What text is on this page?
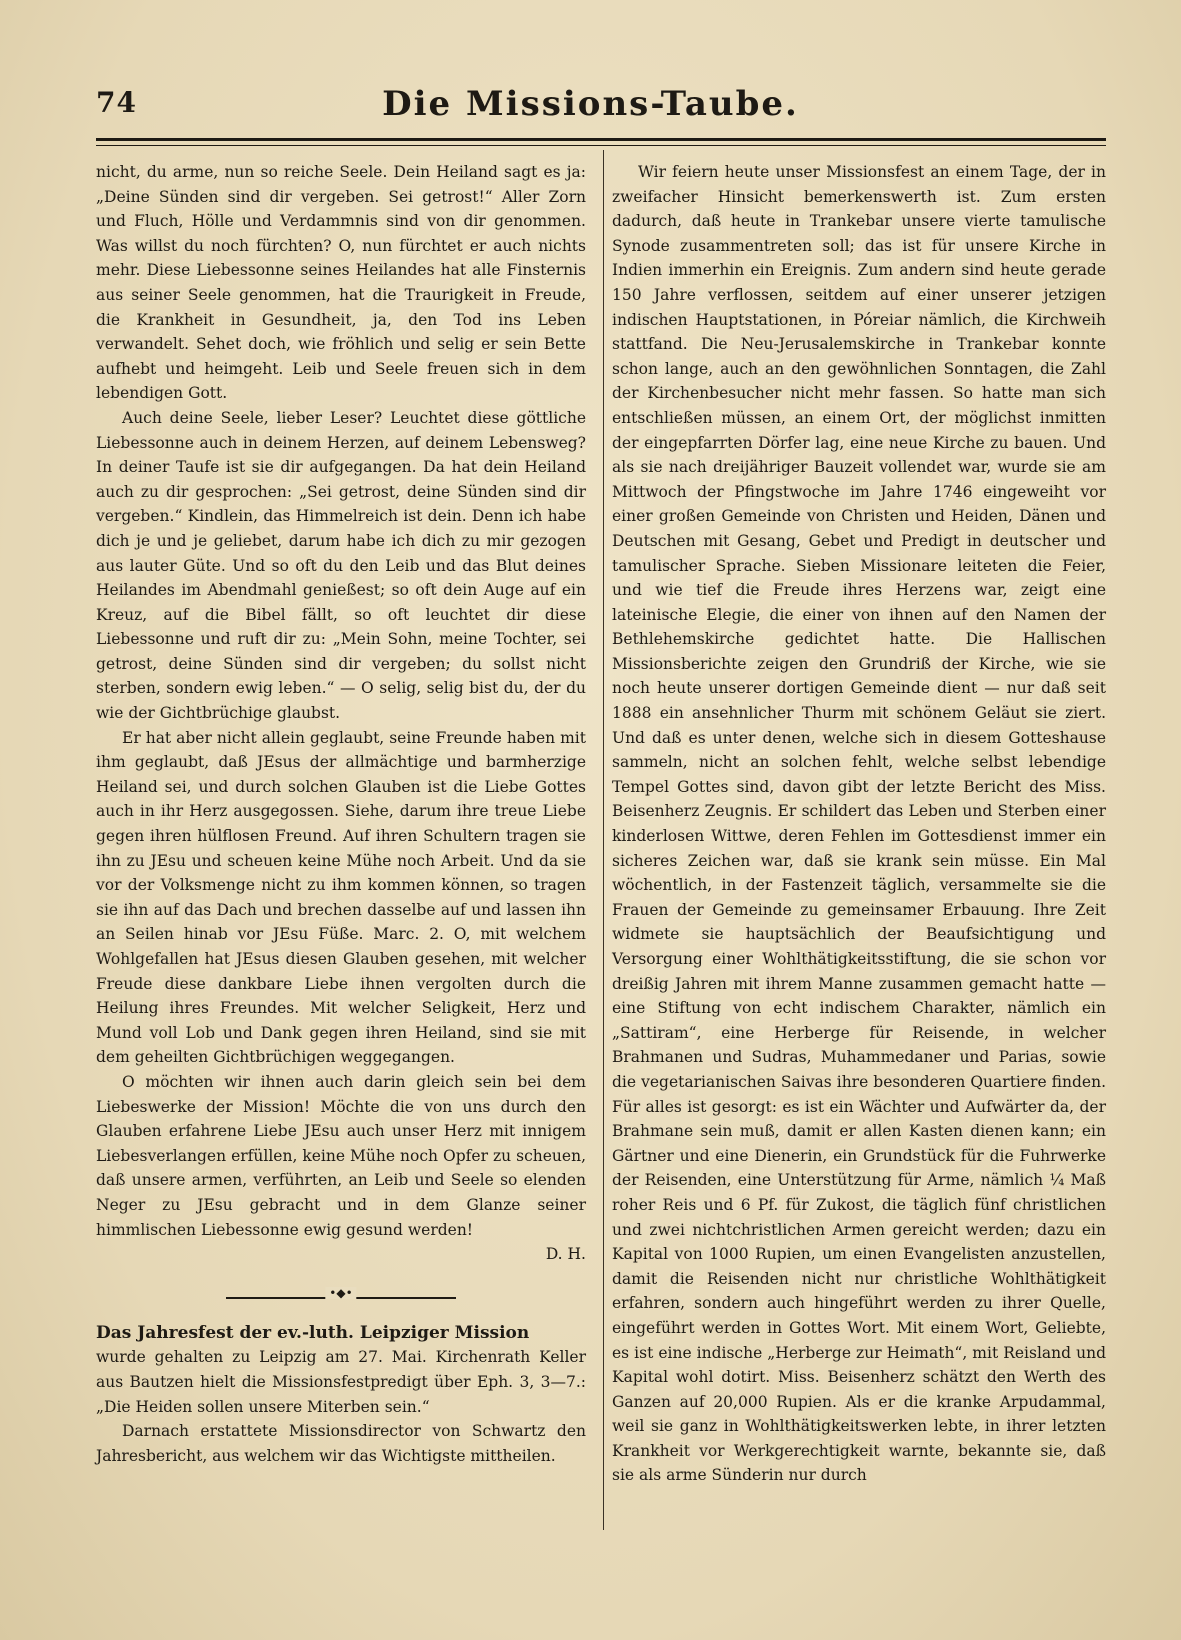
74	Die Missions-Taube.

nicht, du arme, nun so reiche Seele. Dein Heiland sagt es ja: „Deine Sünden sind dir vergeben. Sei getrost!“ Aller Zorn und Fluch, Hölle und Verdammnis sind von dir genommen. Was willst du noch fürchten? O, nun fürchtet er auch nichts mehr. Diese Liebessonne seines Heilandes hat alle Finsternis aus seiner Seele genommen, hat die Traurigkeit in Freude, die Krankheit in Gesundheit, ja, den Tod ins Leben verwandelt. Sehet doch, wie fröhlich und selig er sein Bette aufhebt und heimgeht. Leib und Seele freuen sich in dem lebendigen Gott.

Auch deine Seele, lieber Leser? Leuchtet diese göttliche Liebessonne auch in deinem Herzen, auf deinem Lebensweg? In deiner Taufe ist sie dir aufgegangen. Da hat dein Heiland auch zu dir gesprochen: „Sei getrost, deine Sünden sind dir vergeben.“ Kindlein, das Himmelreich ist dein. Denn ich habe dich je und je geliebet, darum habe ich dich zu mir gezogen aus lauter Güte. Und so oft du den Leib und das Blut deines Heilandes im Abendmahl genießest; so oft dein Auge auf ein Kreuz, auf die Bibel fällt, so oft leuchtet dir diese Liebessonne und ruft dir zu: „Mein Sohn, meine Tochter, sei getrost, deine Sünden sind dir vergeben; du sollst nicht sterben, sondern ewig leben.“ — O selig, selig bist du, der du wie der Gichtbrüchige glaubst.

Er hat aber nicht allein geglaubt, seine Freunde haben mit ihm geglaubt, daß JEsus der allmächtige und barmherzige Heiland sei, und durch solchen Glauben ist die Liebe Gottes auch in ihr Herz ausgegossen. Siehe, darum ihre treue Liebe gegen ihren hülflosen Freund. Auf ihren Schultern tragen sie ihn zu JEsu und scheuen keine Mühe noch Arbeit. Und da sie vor der Volksmenge nicht zu ihm kommen können, so tragen sie ihn auf das Dach und brechen dasselbe auf und lassen ihn an Seilen hinab vor JEsu Füße. Marc. 2. O, mit welchem Wohlgefallen hat JEsus diesen Glauben gesehen, mit welcher Freude diese dankbare Liebe ihnen vergolten durch die Heilung ihres Freundes. Mit welcher Seligkeit, Herz und Mund voll Lob und Dank gegen ihren Heiland, sind sie mit dem geheilten Gichtbrüchigen weggegangen.

O möchten wir ihnen auch darin gleich sein bei dem Liebeswerke der Mission! Möchte die von uns durch den Glauben erfahrene Liebe JEsu auch unser Herz mit innigem Liebesverlangen erfüllen, keine Mühe noch Opfer zu scheuen, daß unsere armen, verführten, an Leib und Seele so elenden Neger zu JEsu gebracht und in dem Glanze seiner himmlischen Liebessonne ewig gesund werden!

D. H.

•◆•

Das Jahresfest der ev.-luth. Leipziger Mission

wurde gehalten zu Leipzig am 27. Mai. Kirchenrath Keller aus Bautzen hielt die Missionsfestpredigt über Eph. 3, 3—7.: „Die Heiden sollen unsere Miterben sein.“

Darnach erstattete Missionsdirector von Schwartz den Jahresbericht, aus welchem wir das Wichtigste mittheilen.

Wir feiern heute unser Missionsfest an einem Tage, der in zweifacher Hinsicht bemerkenswerth ist. Zum ersten dadurch, daß heute in Trankebar unsere vierte tamulische Synode zusammentreten soll; das ist für unsere Kirche in Indien immerhin ein Ereignis. Zum andern sind heute gerade 150 Jahre verflossen, seitdem auf einer unserer jetzigen indischen Hauptstationen, in Póreiar nämlich, die Kirchweih stattfand. Die Neu-Jerusalemskirche in Trankebar konnte schon lange, auch an den gewöhnlichen Sonntagen, die Zahl der Kirchenbesucher nicht mehr fassen. So hatte man sich entschließen müssen, an einem Ort, der möglichst inmitten der eingepfarrten Dörfer lag, eine neue Kirche zu bauen. Und als sie nach dreijähriger Bauzeit vollendet war, wurde sie am Mittwoch der Pfingstwoche im Jahre 1746 eingeweiht vor einer großen Gemeinde von Christen und Heiden, Dänen und Deutschen mit Gesang, Gebet und Predigt in deutscher und tamulischer Sprache. Sieben Missionare leiteten die Feier, und wie tief die Freude ihres Herzens war, zeigt eine lateinische Elegie, die einer von ihnen auf den Namen der Bethlehemskirche gedichtet hatte. Die Hallischen Missionsberichte zeigen den Grundriß der Kirche, wie sie noch heute unserer dortigen Gemeinde dient — nur daß seit 1888 ein ansehnlicher Thurm mit schönem Geläut sie ziert. Und daß es unter denen, welche sich in diesem Gotteshause sammeln, nicht an solchen fehlt, welche selbst lebendige Tempel Gottes sind, davon gibt der letzte Bericht des Miss. Beisenherz Zeugnis. Er schildert das Leben und Sterben einer kinderlosen Wittwe, deren Fehlen im Gottesdienst immer ein sicheres Zeichen war, daß sie krank sein müsse. Ein Mal wöchentlich, in der Fastenzeit täglich, versammelte sie die Frauen der Gemeinde zu gemeinsamer Erbauung. Ihre Zeit widmete sie hauptsächlich der Beaufsichtigung und Versorgung einer Wohlthätigkeitsstiftung, die sie schon vor dreißig Jahren mit ihrem Manne zusammen gemacht hatte — eine Stiftung von echt indischem Charakter, nämlich ein „Sattiram“, eine Herberge für Reisende, in welcher Brahmanen und Sudras, Muhammedaner und Parias, sowie die vegetarianischen Saivas ihre besonderen Quartiere finden. Für alles ist gesorgt: es ist ein Wächter und Aufwärter da, der Brahmane sein muß, damit er allen Kasten dienen kann; ein Gärtner und eine Dienerin, ein Grundstück für die Fuhrwerke der Reisenden, eine Unterstützung für Arme, nämlich ¼ Maß roher Reis und 6 Pf. für Zukost, die täglich fünf christlichen und zwei nichtchristlichen Armen gereicht werden; dazu ein Kapital von 1000 Rupien, um einen Evangelisten anzustellen, damit die Reisenden nicht nur christliche Wohlthätigkeit erfahren, sondern auch hingeführt werden zu ihrer Quelle, eingeführt werden in Gottes Wort. Mit einem Wort, Geliebte, es ist eine indische „Herberge zur Heimath“, mit Reisland und Kapital wohl dotirt. Miss. Beisenherz schätzt den Werth des Ganzen auf 20,000 Rupien. Als er die kranke Arpudammal, weil sie ganz in Wohlthätigkeitswerken lebte, in ihrer letzten Krankheit vor Werkgerechtigkeit warnte, bekannte sie, daß sie als arme Sünderin nur durch
